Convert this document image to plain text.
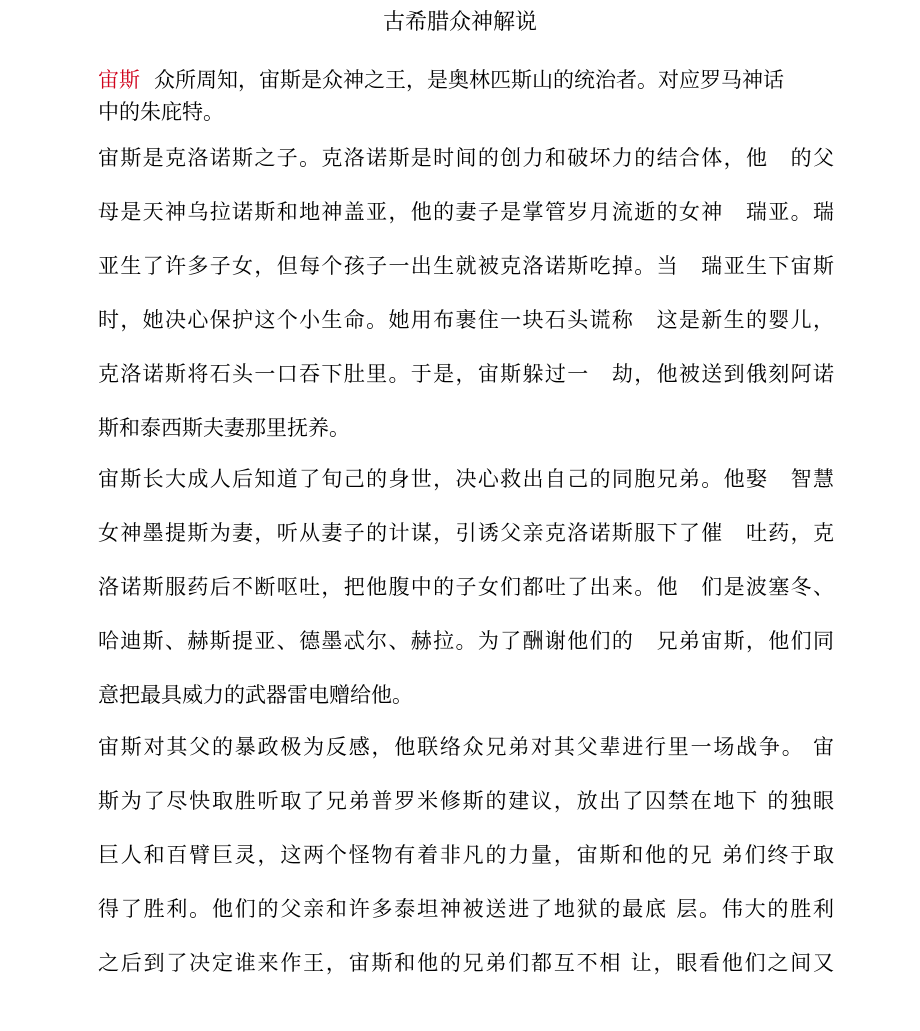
古希腊众神解说
宙斯 众所周知，宙斯是众神之王，是奥林匹斯山的统治者。对应罗马神话
中的朱庇特。
宙斯是克洛诺斯之子。克洛诺斯是时间的创力和破坏力的结合体，他　的父
母是天神乌拉诺斯和地神盖亚，他的妻子是掌管岁月流逝的女神　瑞亚。瑞
亚生了许多子女，但每个孩子一出生就被克洛诺斯吃掉。当　瑞亚生下宙斯
时，她决心保护这个小生命。她用布裹住一块石头谎称　这是新生的婴儿，
克洛诺斯将石头一口吞下肚里。于是，宙斯躲过一　劫，他被送到俄刻阿诺
斯和泰西斯夫妻那里抚养。
宙斯长大成人后知道了旬己的身世，决心救出自己的同胞兄弟。他娶　智慧
女神墨提斯为妻，听从妻子的计谋，引诱父亲克洛诺斯服下了催　吐药，克
洛诺斯服药后不断呕吐，把他腹中的子女们都吐了出来。他　们是波塞冬、
哈迪斯、赫斯提亚、德墨忒尔、赫拉。为了酬谢他们的　兄弟宙斯，他们同
意把最具威力的武器雷电赠给他。
宙斯对其父的暴政极为反感，他联络众兄弟对其父辈进行里一场战争。 宙
斯为了尽快取胜听取了兄弟普罗米修斯的建议，放出了囚禁在地下 的独眼
巨人和百臂巨灵，这两个怪物有着非凡的力量，宙斯和他的兄 弟们终于取
得了胜利。他们的父亲和许多泰坦神被送进了地狱的最底 层。伟大的胜利
之后到了决定谁来作王，宙斯和他的兄弟们都互不相 让，眼看他们之间又
